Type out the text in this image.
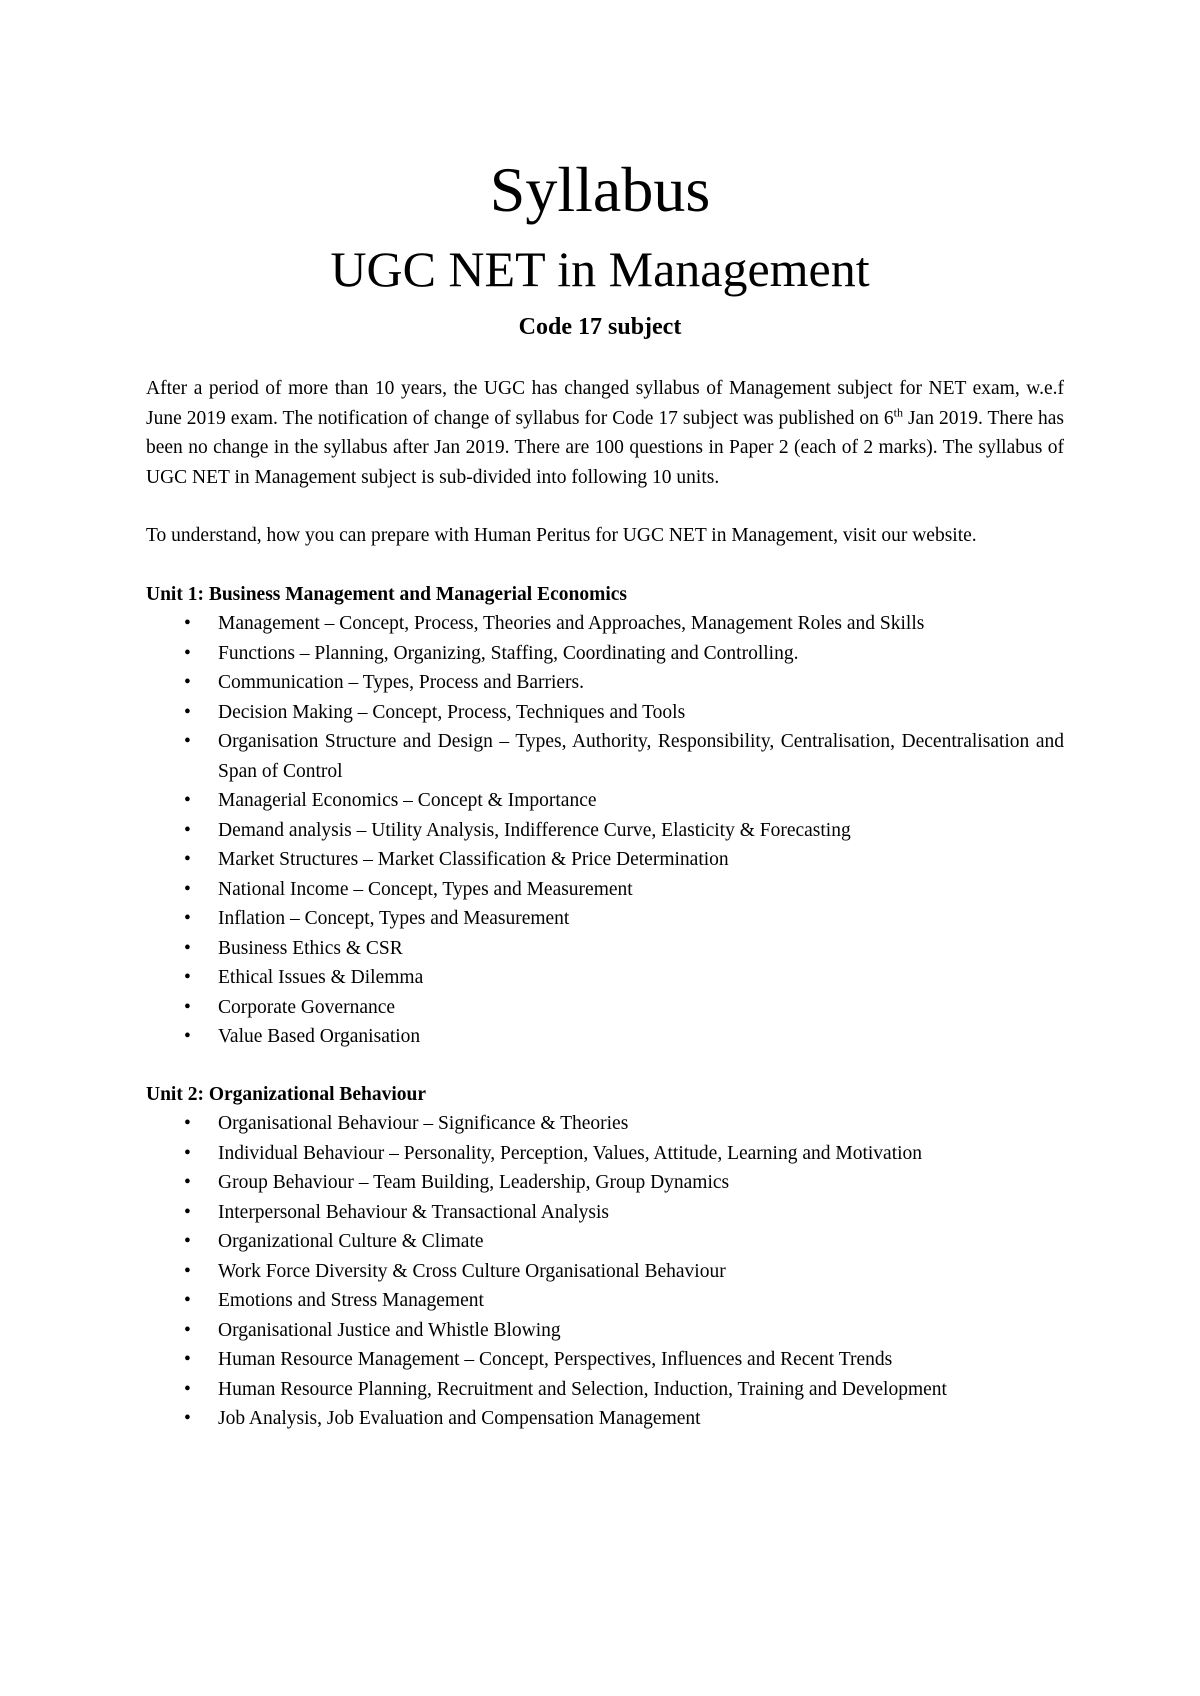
Syllabus
UGC NET in Management
Code 17 subject

After a period of more than 10 years, the UGC has changed syllabus of Management subject for NET exam, w.e.f June 2019 exam. The notification of change of syllabus for Code 17 subject was published on 6th Jan 2019. There has been no change in the syllabus after Jan 2019. There are 100 questions in Paper 2 (each of 2 marks). The syllabus of UGC NET in Management subject is sub-divided into following 10 units.

To understand, how you can prepare with Human Peritus for UGC NET in Management, visit our website.

Unit 1: Business Management and Managerial Economics

• Management – Concept, Process, Theories and Approaches, Management Roles and Skills
• Functions – Planning, Organizing, Staffing, Coordinating and Controlling.
• Communication – Types, Process and Barriers.
• Decision Making – Concept, Process, Techniques and Tools
• Organisation Structure and Design – Types, Authority, Responsibility, Centralisation, Decentralisation and Span of Control
• Managerial Economics – Concept & Importance
• Demand analysis – Utility Analysis, Indifference Curve, Elasticity & Forecasting
• Market Structures – Market Classification & Price Determination
• National Income – Concept, Types and Measurement
• Inflation – Concept, Types and Measurement
• Business Ethics & CSR
• Ethical Issues & Dilemma
• Corporate Governance
• Value Based Organisation

Unit 2: Organizational Behaviour

• Organisational Behaviour – Significance & Theories
• Individual Behaviour – Personality, Perception, Values, Attitude, Learning and Motivation
• Group Behaviour – Team Building, Leadership, Group Dynamics
• Interpersonal Behaviour & Transactional Analysis
• Organizational Culture & Climate
• Work Force Diversity & Cross Culture Organisational Behaviour
• Emotions and Stress Management
• Organisational Justice and Whistle Blowing
• Human Resource Management – Concept, Perspectives, Influences and Recent Trends
• Human Resource Planning, Recruitment and Selection, Induction, Training and Development
• Job Analysis, Job Evaluation and Compensation Management
